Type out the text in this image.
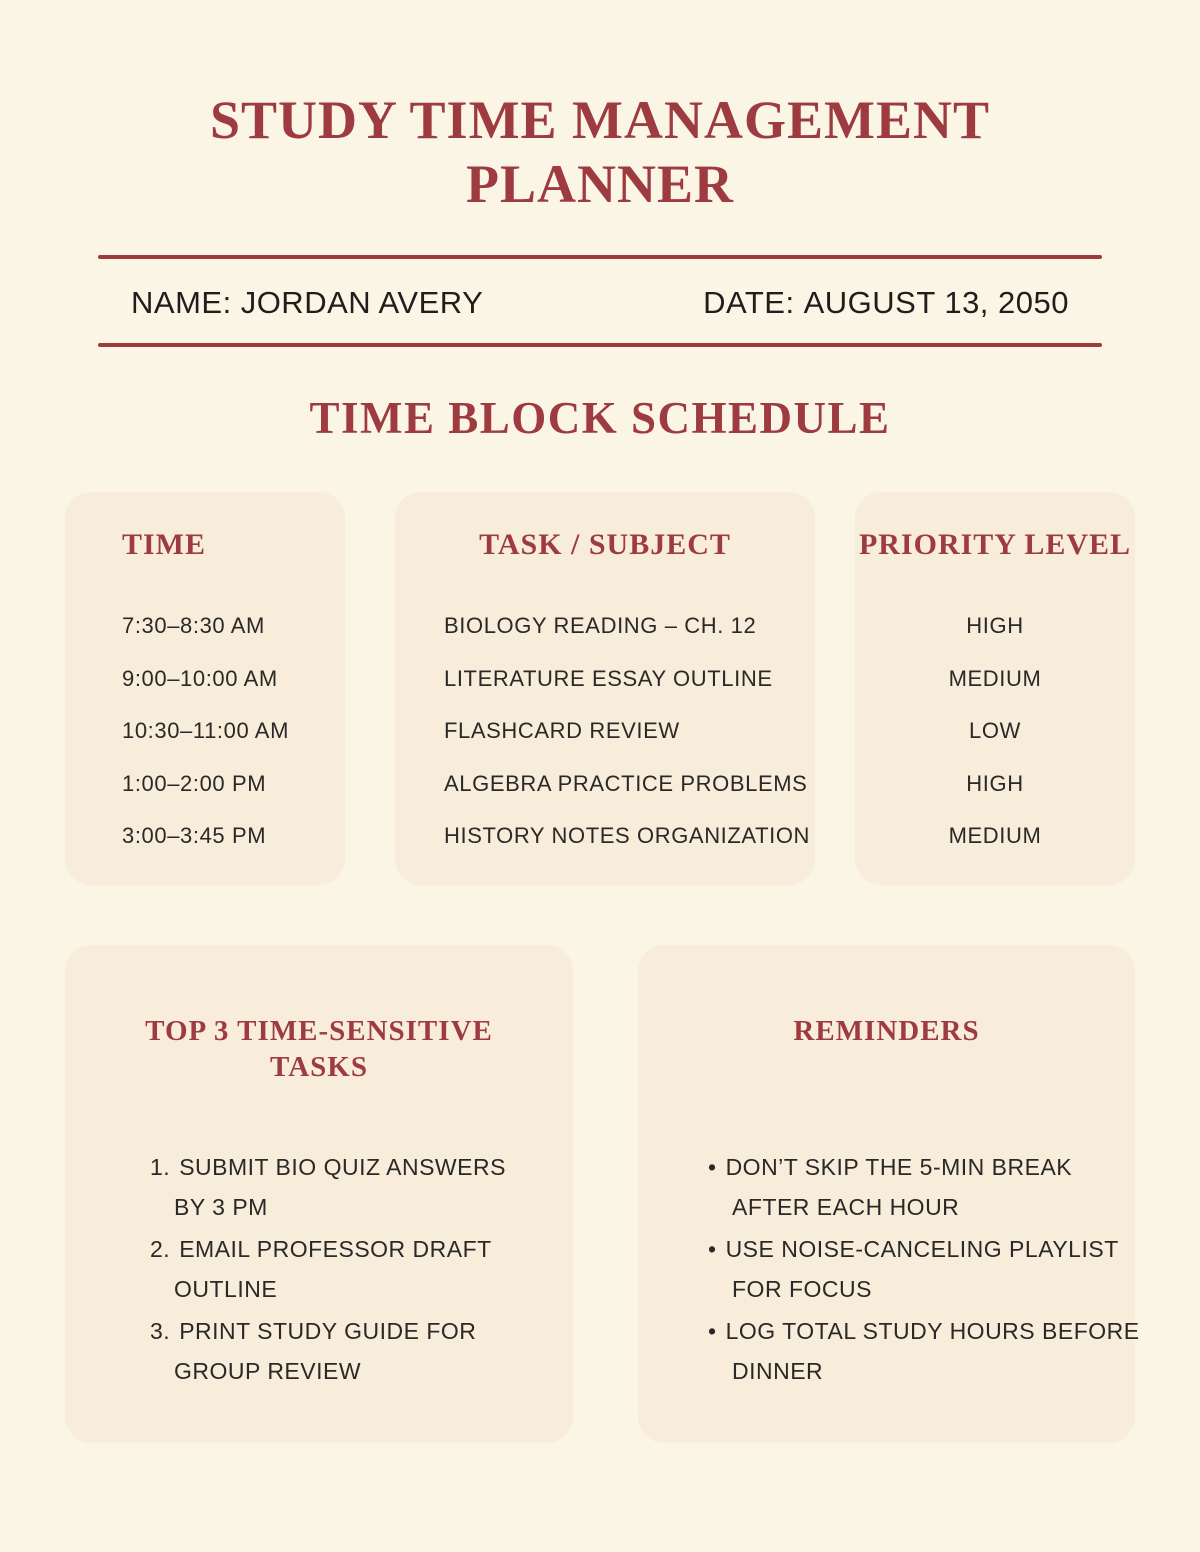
STUDY TIME MANAGEMENT PLANNER
NAME: JORDAN AVERY	DATE: AUGUST 13, 2050
TIME BLOCK SCHEDULE
TIME
7:30–8:30 AM
9:00–10:00 AM
10:30–11:00 AM
1:00–2:00 PM
3:00–3:45 PM
TASK / SUBJECT
BIOLOGY READING – CH. 12
LITERATURE ESSAY OUTLINE
FLASHCARD REVIEW
ALGEBRA PRACTICE PROBLEMS
HISTORY NOTES ORGANIZATION
PRIORITY LEVEL
HIGH
MEDIUM
LOW
HIGH
MEDIUM
TOP 3 TIME-SENSITIVE TASKS
1. SUBMIT BIO QUIZ ANSWERS
BY 3 PM
2. EMAIL PROFESSOR DRAFT
OUTLINE
3. PRINT STUDY GUIDE FOR
GROUP REVIEW
REMINDERS
• DON’T SKIP THE 5-MIN BREAK
AFTER EACH HOUR
• USE NOISE-CANCELING PLAYLIST
FOR FOCUS
• LOG TOTAL STUDY HOURS BEFORE
DINNER
